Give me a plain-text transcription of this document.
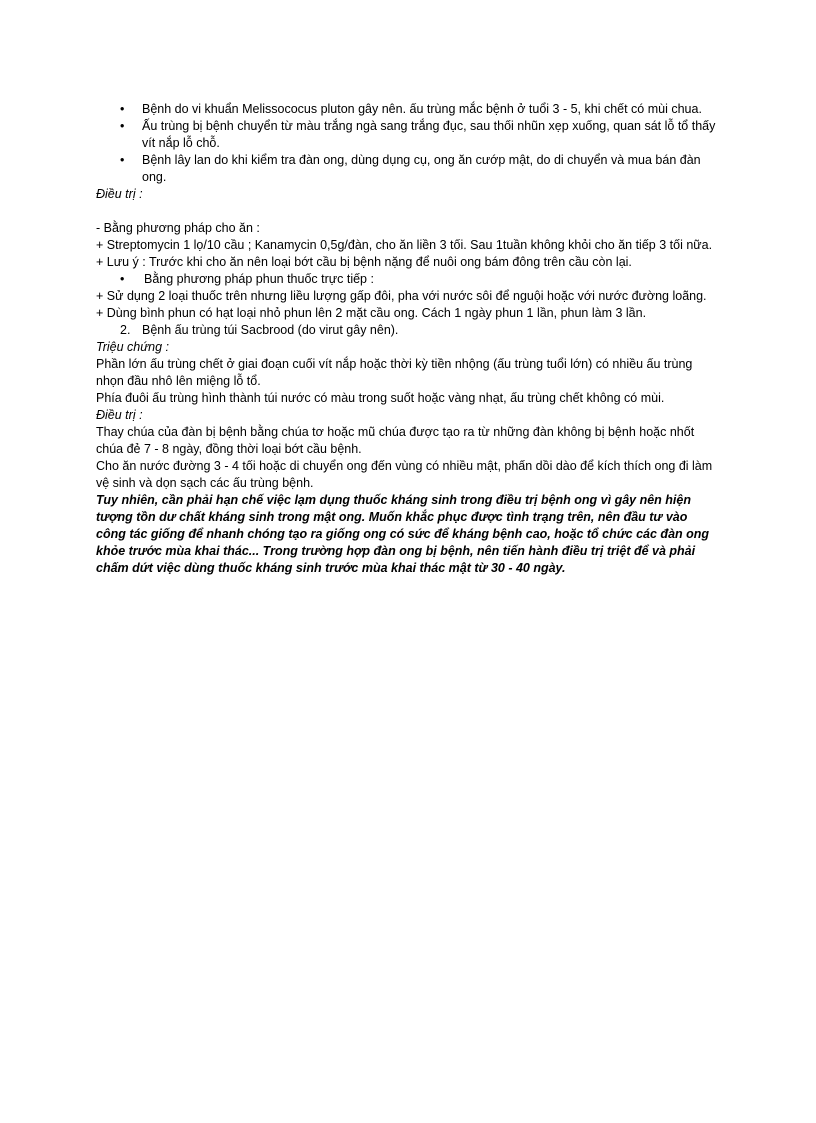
• Bệnh do vi khuẩn Melissococus pluton gây nên. ấu trùng mắc bệnh ở tuổi 3 - 5, khi chết có mùi chua.
• Ấu trùng bị bệnh chuyển từ màu trắng ngà sang trắng đục, sau thối nhũn xẹp xuống, quan sát lỗ tổ thấy vít nắp lỗ chỗ.
• Bệnh lây lan do khi kiểm tra đàn ong, dùng dụng cụ, ong ăn cướp mật, do di chuyển và mua bán đàn ong.

Điều trị :

- Bằng phương pháp cho ăn :

+ Streptomycin 1 lọ/10 cầu ; Kanamycin 0,5g/đàn, cho ăn liền 3 tối. Sau 1tuần không khỏi cho ăn tiếp 3 tối nữa.

+ Lưu ý : Trước khi cho ăn nên loại bớt cầu bị bệnh nặng để nuôi ong bám đông trên cầu còn lại.

• Bằng phương pháp phun thuốc trực tiếp :

+ Sử dụng 2 loại thuốc trên nhưng liều lượng gấp đôi, pha với nước sôi để nguội hoặc với nước đường loãng.

+ Dùng bình phun có hạt loại nhỏ phun lên 2 mặt cầu ong. Cách 1 ngày phun 1 lần, phun làm 3 lần.

2. Bệnh ấu trùng túi Sacbrood (do virut gây nên).

Triệu chứng :

Phần lớn ấu trùng chết ở giai đoạn cuối vít nắp hoặc thời kỳ tiền nhộng (ấu trùng tuổi lớn) có nhiều ấu trùng nhọn đầu nhô lên miệng lỗ tổ.

Phía đuôi ấu trùng hình thành túi nước có màu trong suốt hoặc vàng nhạt, ấu trùng chết không có mùi.

Điều trị :

Thay chúa của đàn bị bệnh bằng chúa tơ hoặc mũ chúa được tạo ra từ những đàn không bị bệnh hoặc nhốt chúa đẻ 7 - 8 ngày, đồng thời loại bớt cầu bệnh.

Cho ăn nước đường 3 - 4 tối hoặc di chuyển ong đến vùng có nhiều mật, phấn dồi dào để kích thích ong đi làm vệ sinh và dọn sạch các ấu trùng bệnh.

Tuy nhiên, cần phải hạn chế việc lạm dụng thuốc kháng sinh trong điều trị bệnh ong vì gây nên hiện tượng tồn dư chất kháng sinh trong mật ong. Muốn khắc phục được tình trạng trên, nên đầu tư vào công tác giống để nhanh chóng tạo ra giống ong có sức để kháng bệnh cao, hoặc tổ chức các đàn ong khỏe trước mùa khai thác... Trong trường hợp đàn ong bị bệnh, nên tiến hành điều trị triệt để và phải chấm dứt việc dùng thuốc kháng sinh trước mùa khai thác mật từ 30 - 40 ngày.
